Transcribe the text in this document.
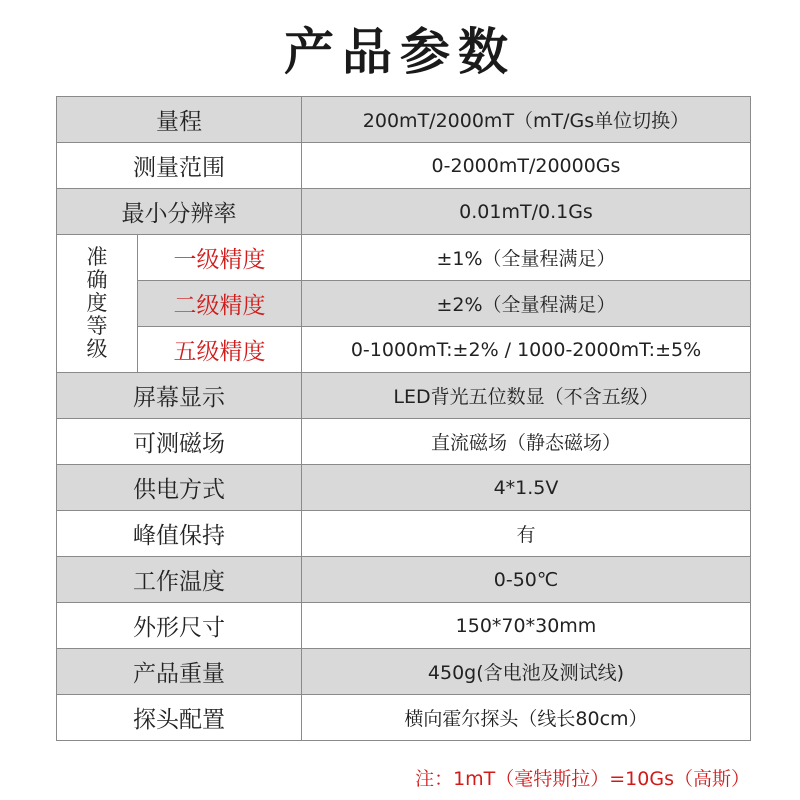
产品参数
量程		200mT/2000mT（mT/Gs单位切换）
测量范围		0-2000mT/20000Gs
最小分辨率		0.01mT/0.1Gs
准确度等级	一级精度	±1%（全量程满足）
	二级精度	±2%（全量程满足）
	五级精度	0-1000mT:±2% / 1000-2000mT:±5%
屏幕显示		LED背光五位数显（不含五级）
可测磁场		直流磁场（静态磁场）
供电方式		4*1.5V
峰值保持		有
工作温度		0-50℃
外形尺寸		150*70*30mm
产品重量		450g(含电池及测试线)
探头配置		横向霍尔探头（线长80cm）
注：1mT（毫特斯拉）=10Gs（高斯）
